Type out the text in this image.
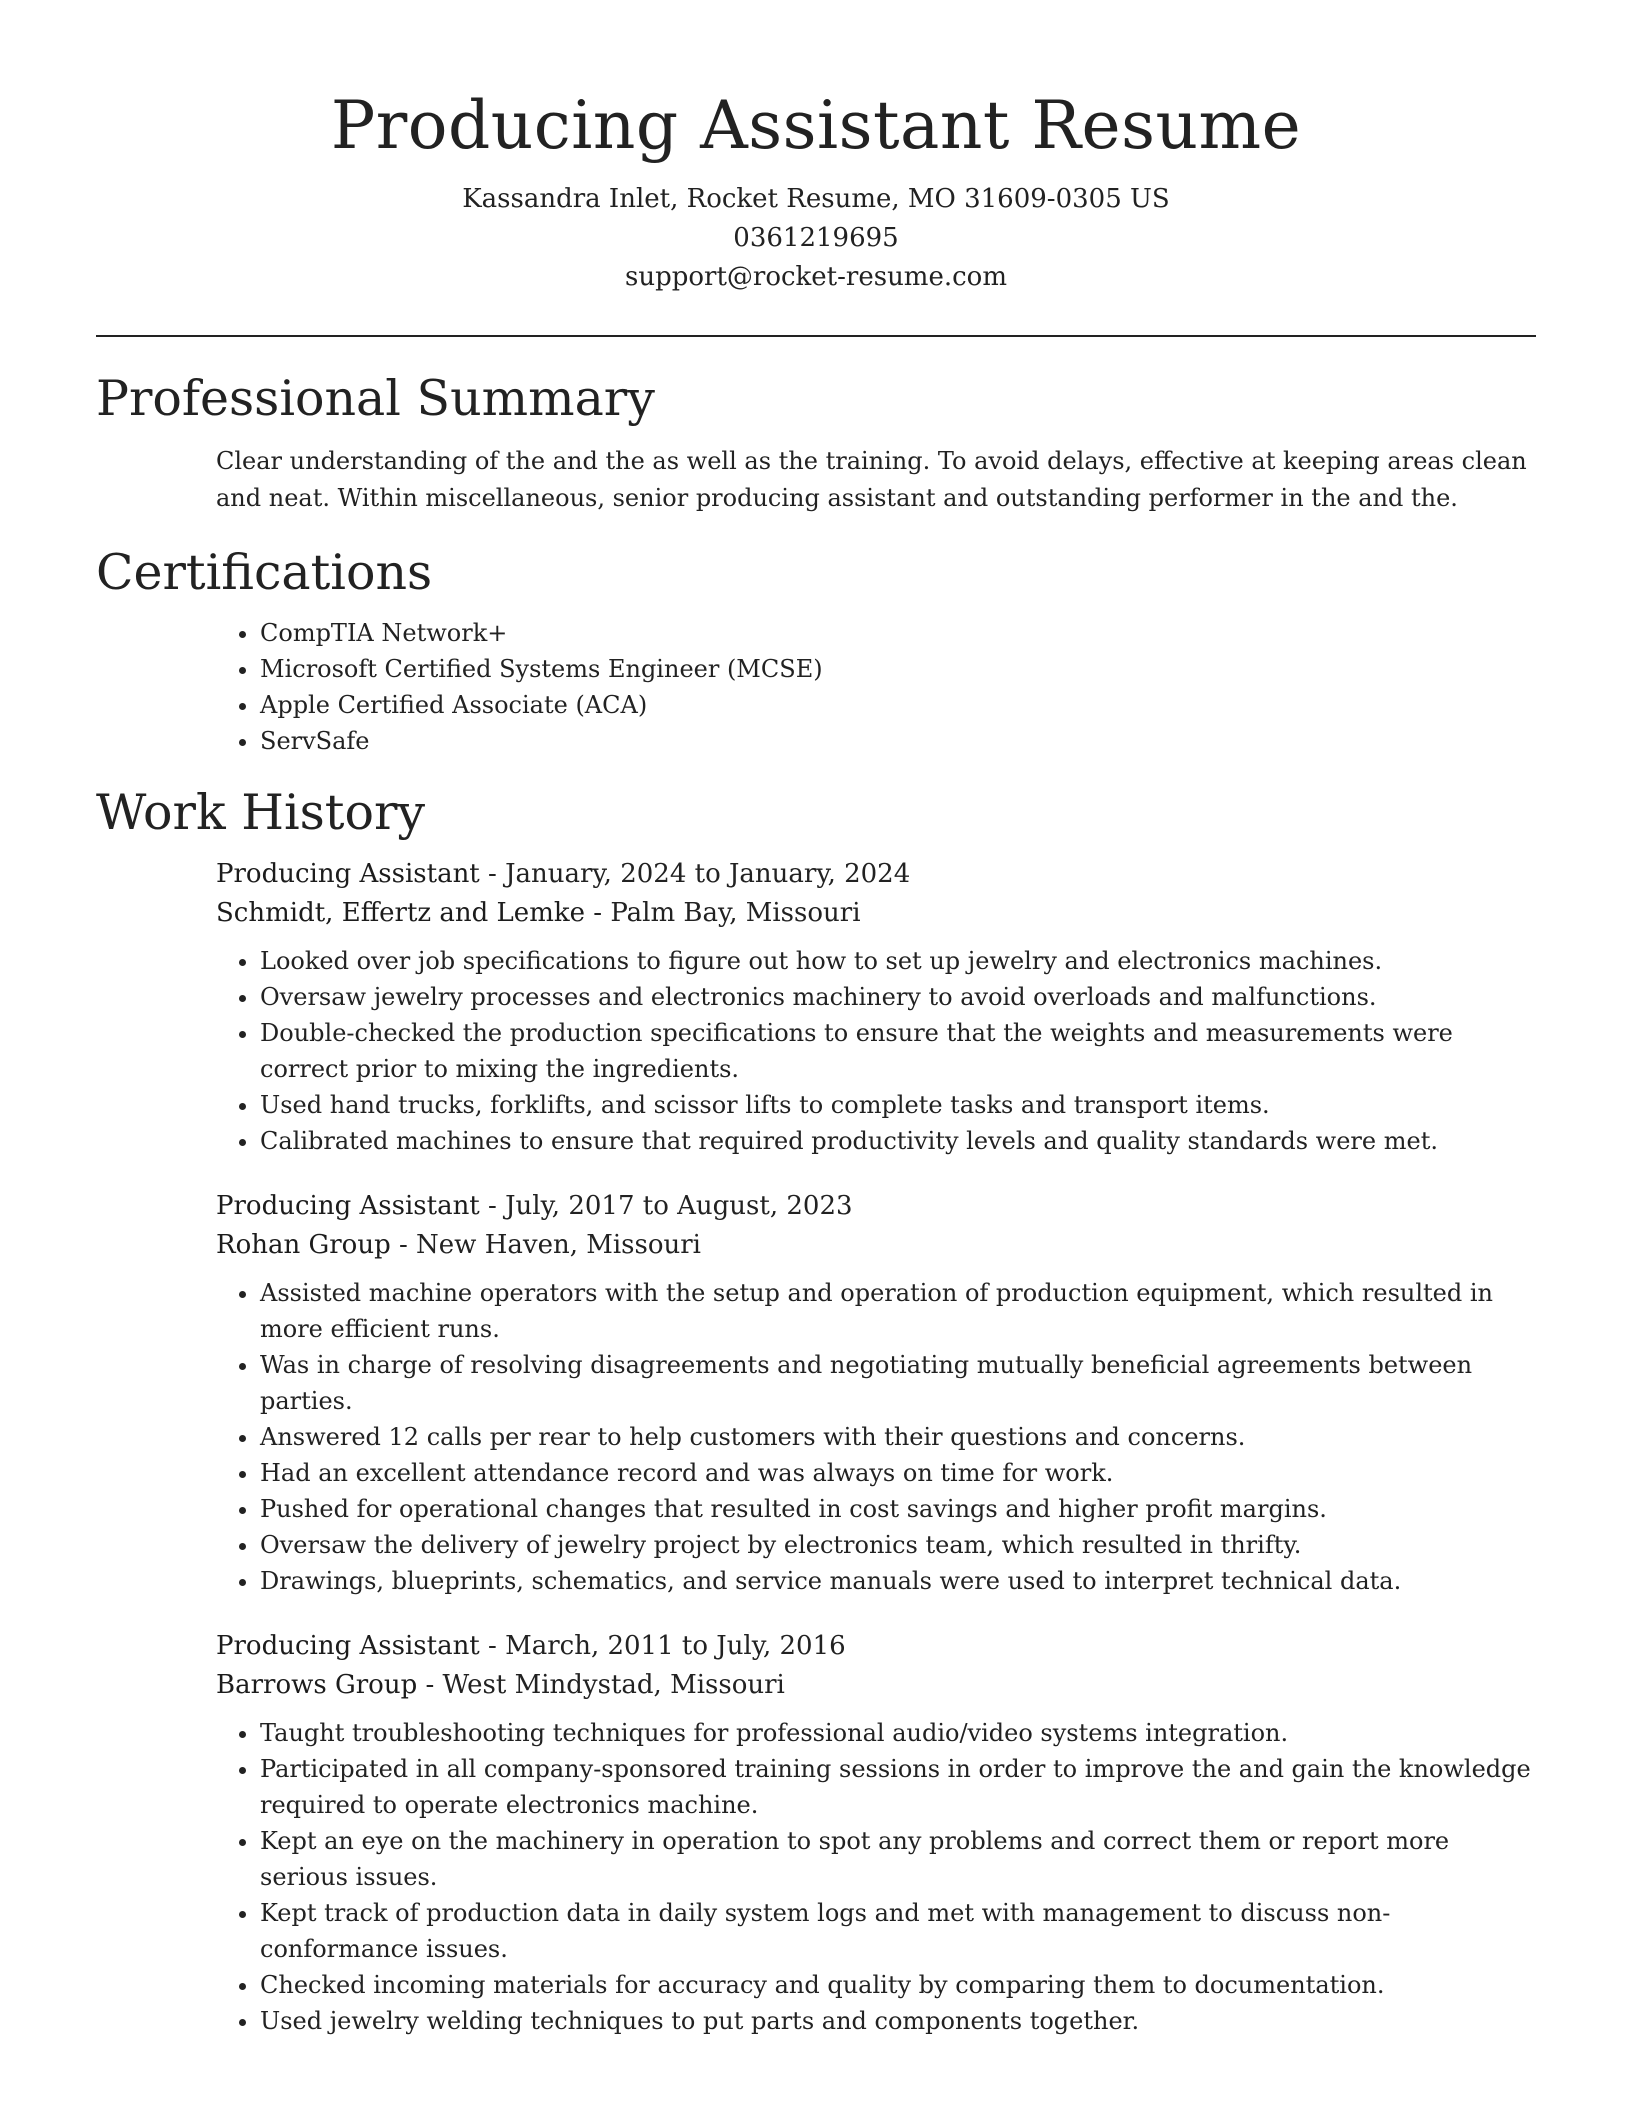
Producing Assistant Resume
Kassandra Inlet, Rocket Resume, MO 31609-0305 US
0361219695
support@rocket-resume.com
Professional Summary

Clear understanding of the and the as well as the training. To avoid delays, effective at keeping areas clean and neat. Within miscellaneous, senior producing assistant and outstanding performer in the and the.

Certifications
• CompTIA Network+
• Microsoft Certified Systems Engineer (MCSE)
• Apple Certified Associate (ACA)
• ServSafe
Work History
Producing Assistant - January, 2024 to January, 2024
Schmidt, Effertz and Lemke - Palm Bay, Missouri
• Looked over job specifications to figure out how to set up jewelry and electronics machines.
• Oversaw jewelry processes and electronics machinery to avoid overloads and malfunctions.
• Double-checked the production specifications to ensure that the weights and measurements were correct prior to mixing the ingredients.
• Used hand trucks, forklifts, and scissor lifts to complete tasks and transport items.
• Calibrated machines to ensure that required productivity levels and quality standards were met.
Producing Assistant - July, 2017 to August, 2023
Rohan Group - New Haven, Missouri
• Assisted machine operators with the setup and operation of production equipment, which resulted in more efficient runs.
• Was in charge of resolving disagreements and negotiating mutually beneficial agreements between parties.
• Answered 12 calls per rear to help customers with their questions and concerns.
• Had an excellent attendance record and was always on time for work.
• Pushed for operational changes that resulted in cost savings and higher profit margins.
• Oversaw the delivery of jewelry project by electronics team, which resulted in thrifty.
• Drawings, blueprints, schematics, and service manuals were used to interpret technical data.
Producing Assistant - March, 2011 to July, 2016
Barrows Group - West Mindystad, Missouri
• Taught troubleshooting techniques for professional audio/video systems integration.
• Participated in all company-sponsored training sessions in order to improve the and gain the knowledge required to operate electronics machine.
• Kept an eye on the machinery in operation to spot any problems and correct them or report more serious issues.
• Kept track of production data in daily system logs and met with management to discuss non-conformance issues.
• Checked incoming materials for accuracy and quality by comparing them to documentation.
• Used jewelry welding techniques to put parts and components together.
